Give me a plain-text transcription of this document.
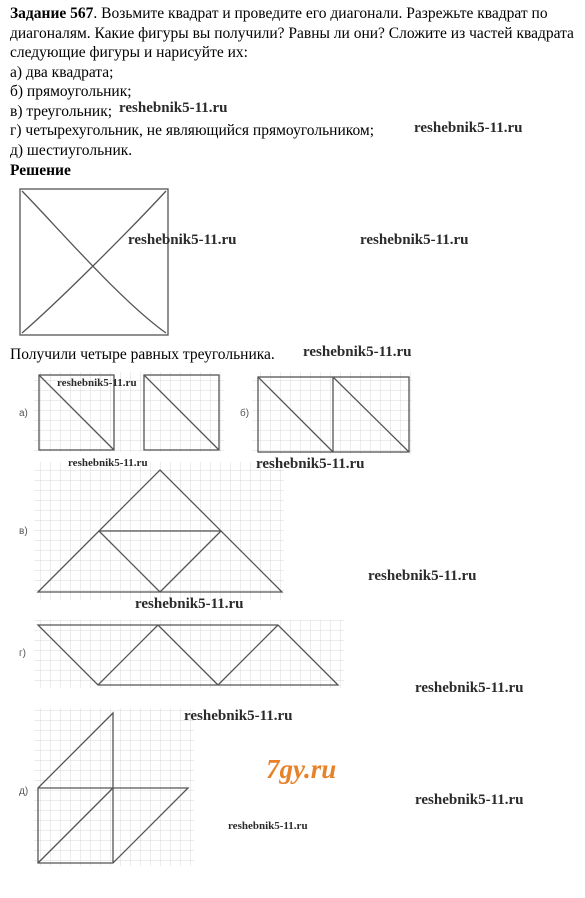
Задание 567. Возьмите квадрат и проведите его диагонали. Разрежьте квадрат по диагоналям. Какие фигуры вы получили? Равны ли они? Сложите из частей квадрата следующие фигуры и нарисуйте их:

а) два квадрата;

б) прямоугольник;

в) треугольник;

г) четырехугольник, не являющийся прямоугольником;

д) шестиугольник.

Решение
Получили четыре равных треугольника.
а)	б)
в)
г)
д)
reshebnik5-11.ru
reshebnik5-11.ru
reshebnik5-11.ru	reshebnik5-11.ru
reshebnik5-11.ru
reshebnik5-11.ru
reshebnik5-11.ru	reshebnik5-11.ru
reshebnik5-11.ru
reshebnik5-11.ru
reshebnik5-11.ru
reshebnik5-11.ru
7gy.ru
reshebnik5-11.ru
reshebnik5-11.ru
